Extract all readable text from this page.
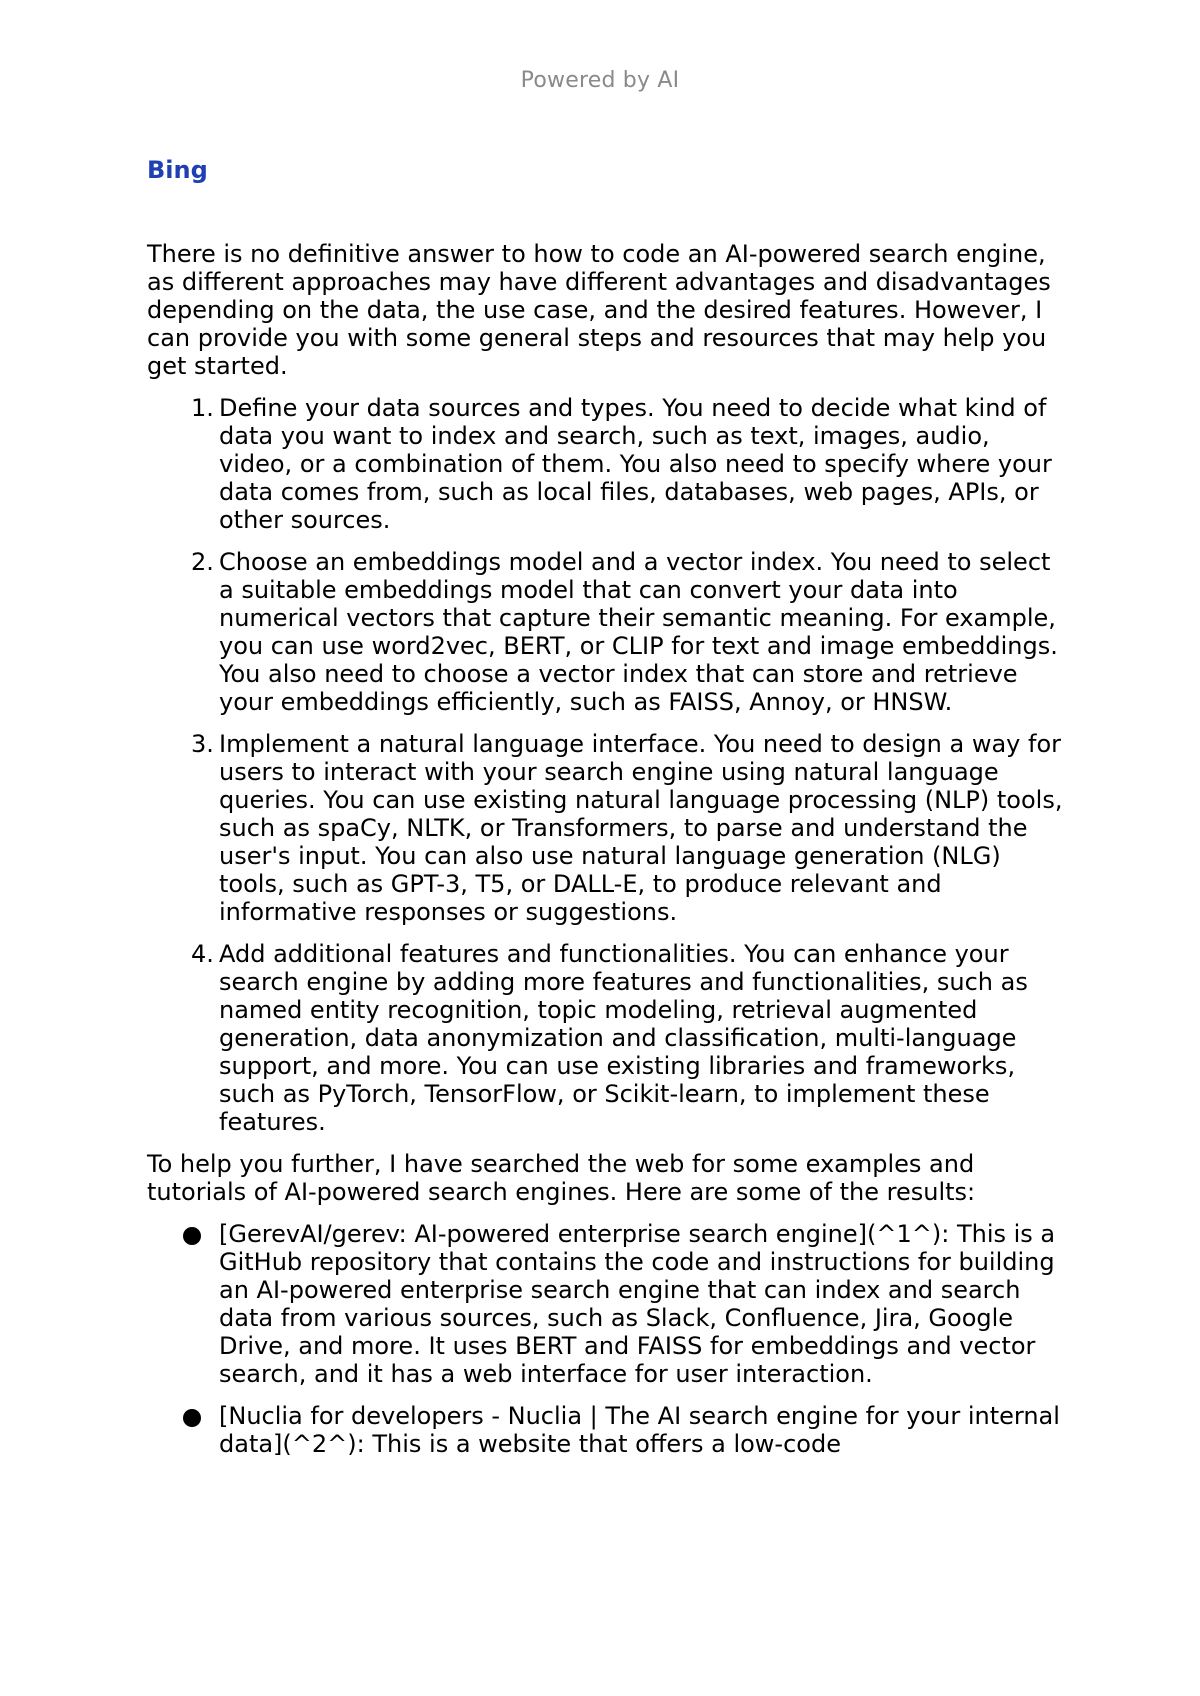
Powered by AI
Bing

There is no definitive answer to how to code an AI-powered search engine, as different approaches may have different advantages and disadvantages depending on the data, the use case, and the desired features. However, I can provide you with some general steps and resources that may help you get started.

1. Define your data sources and types. You need to decide what kind of data you want to index and search, such as text, images, audio, video, or a combination of them. You also need to specify where your data comes from, such as local files, databases, web pages, APIs, or other sources.
2. Choose an embeddings model and a vector index. You need to select a suitable embeddings model that can convert your data into numerical vectors that capture their semantic meaning. For example, you can use word2vec, BERT, or CLIP for text and image embeddings. You also need to choose a vector index that can store and retrieve your embeddings efficiently, such as FAISS, Annoy, or HNSW.
3. Implement a natural language interface. You need to design a way for users to interact with your search engine using natural language queries. You can use existing natural language processing (NLP) tools, such as spaCy, NLTK, or Transformers, to parse and understand the user's input. You can also use natural language generation (NLG) tools, such as GPT-3, T5, or DALL-E, to produce relevant and informative responses or suggestions.
4. Add additional features and functionalities. You can enhance your search engine by adding more features and functionalities, such as named entity recognition, topic modeling, retrieval augmented generation, data anonymization and classification, multi-language support, and more. You can use existing libraries and frameworks, such as PyTorch, TensorFlow, or Scikit-learn, to implement these features.

To help you further, I have searched the web for some examples and tutorials of AI-powered search engines. Here are some of the results:

[GerevAI/gerev: AI-powered enterprise search engine](^1^): This is a GitHub repository that contains the code and instructions for building an AI-powered enterprise search engine that can index and search data from various sources, such as Slack, Confluence, Jira, Google Drive, and more. It uses BERT and FAISS for embeddings and vector search, and it has a web interface for user interaction.
[Nuclia for developers - Nuclia | The AI search engine for your internal data](^2^): This is a website that offers a low-code
